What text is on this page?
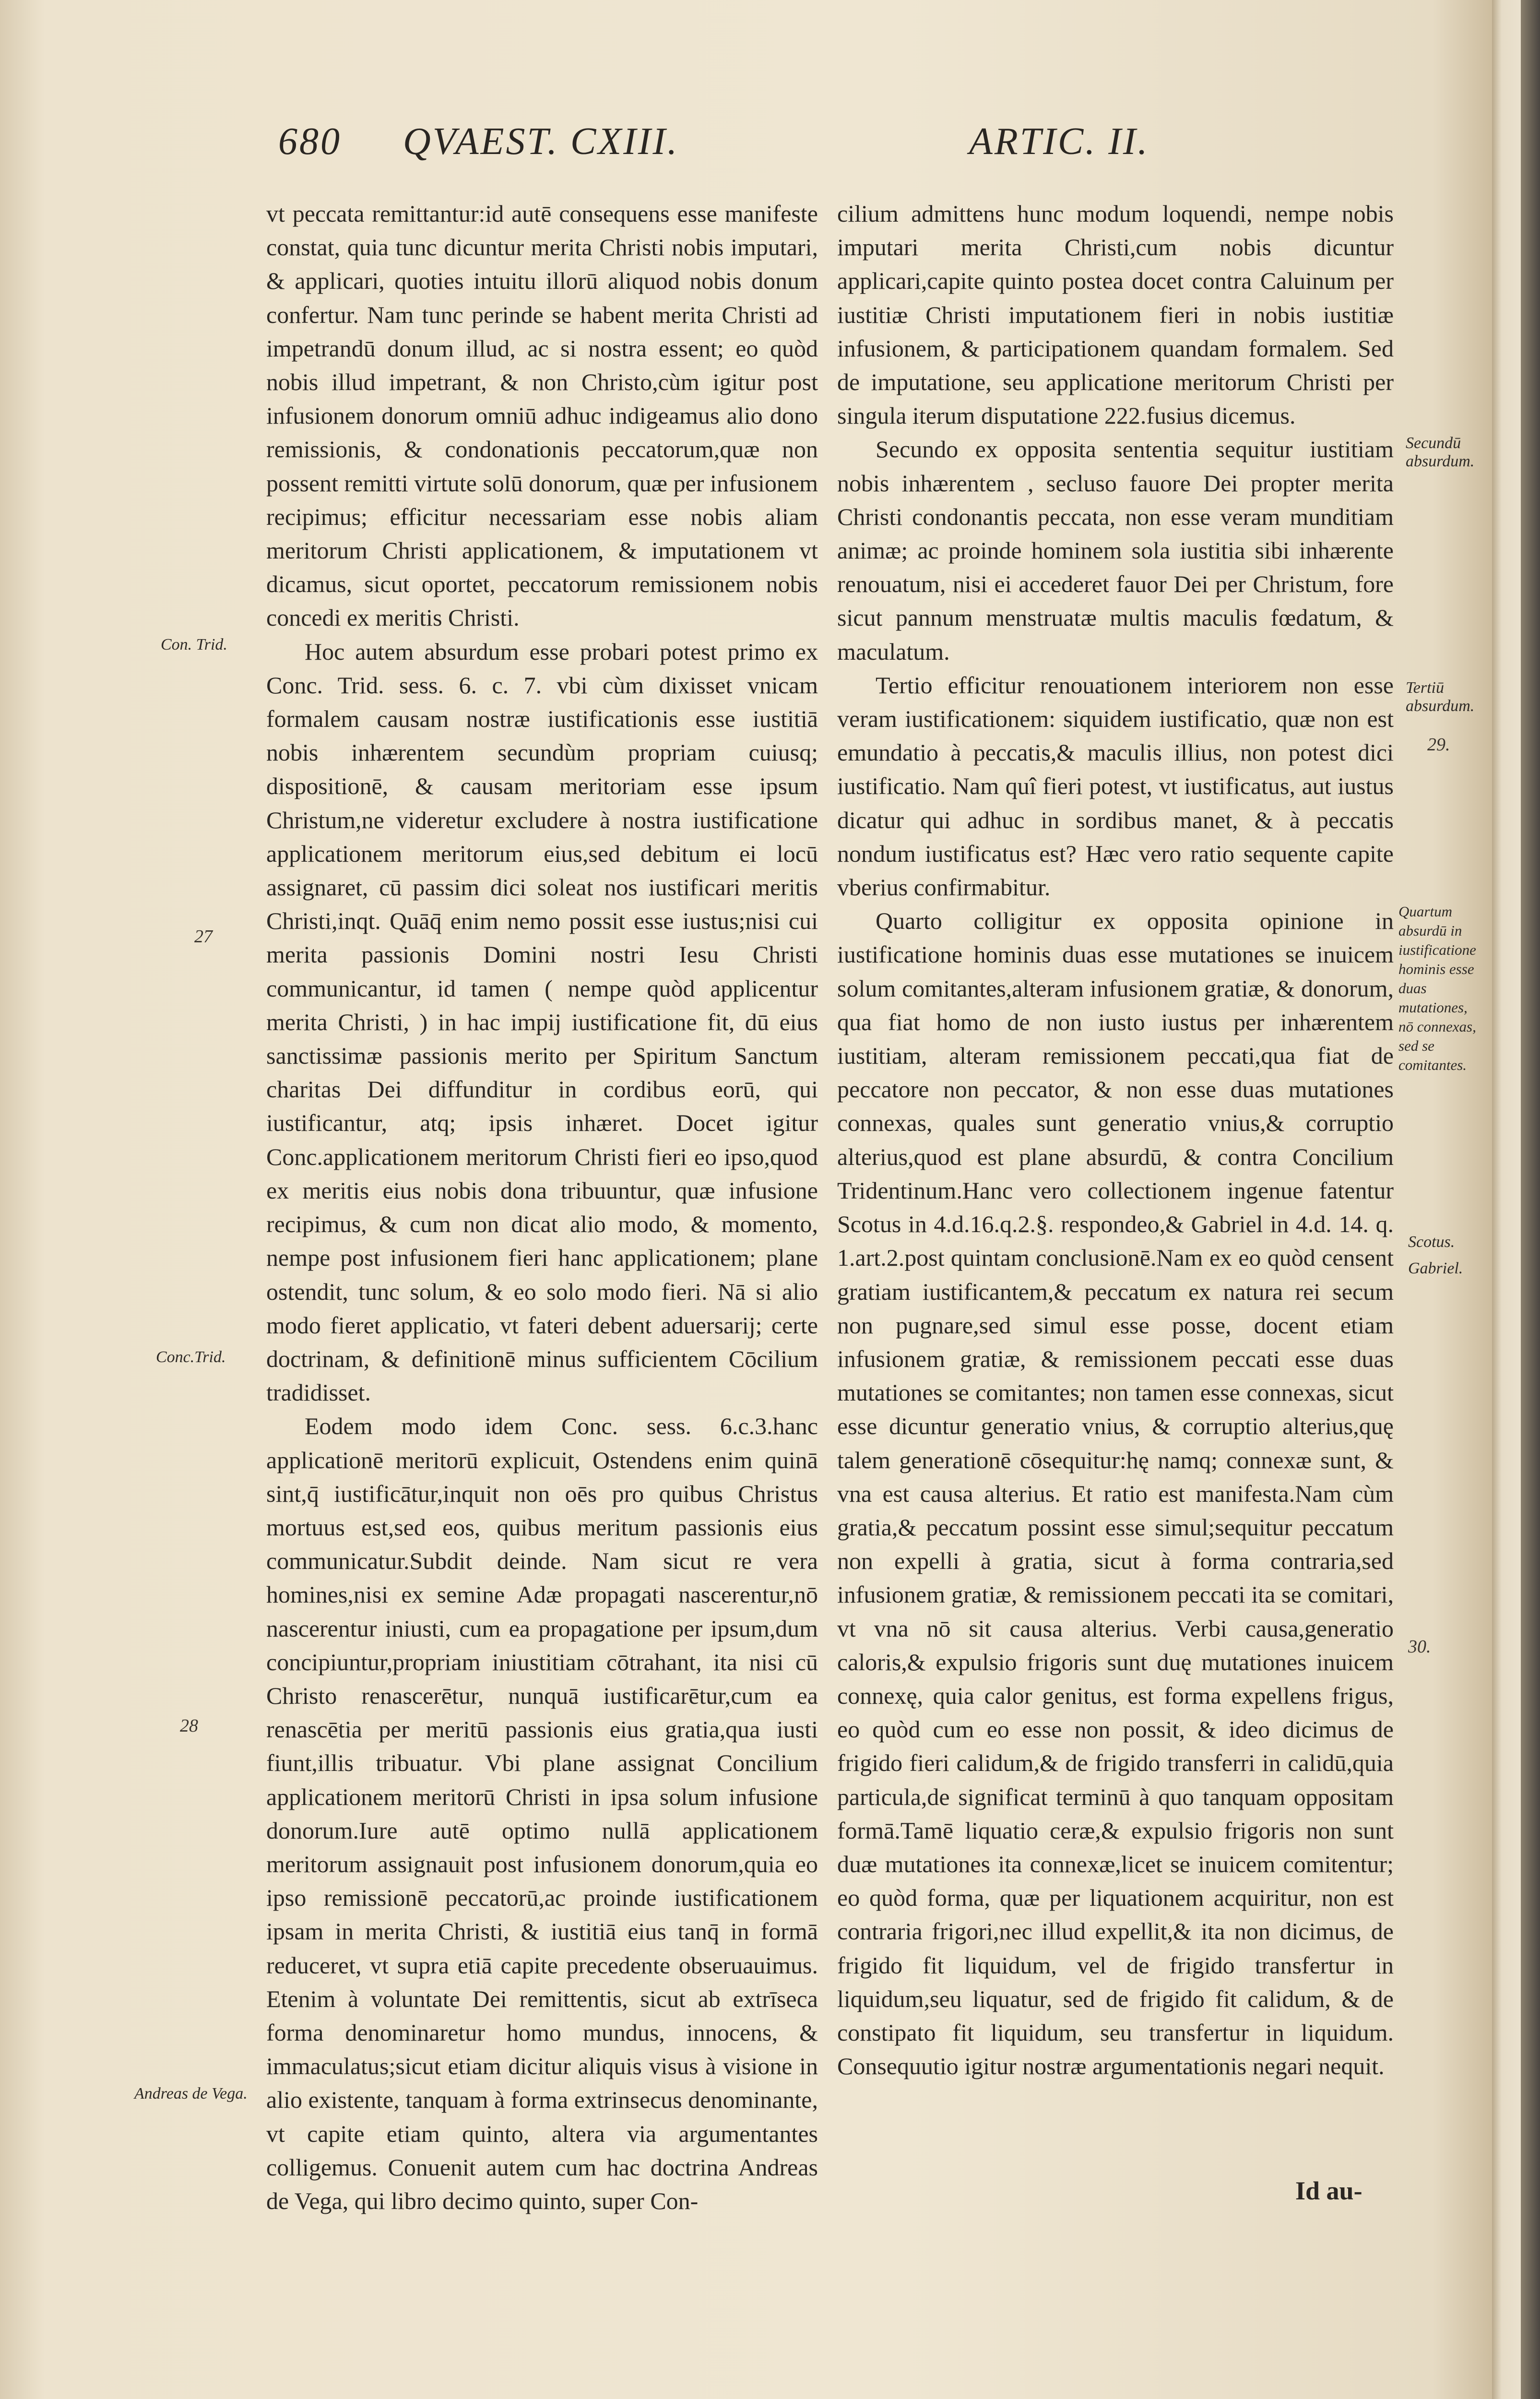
680 QVAEST. CXIII.	ARTIC. II.

vt peccata remittantur:id autē consequens esse manifeste constat, quia tunc dicuntur merita Christi nobis imputari, & applicari, quoties intuitu illorū aliquod nobis donum confertur. Nam tunc perinde se habent merita Christi ad impetrandū donum illud, ac si nostra essent; eo quòd nobis illud impetrant, & non Christo,cùm igitur post infusionem donorum omniū adhuc indigeamus alio dono remissionis, & condonationis peccatorum,quæ non possent remitti virtute solū donorum, quæ per infusionem recipimus; efficitur necessariam esse nobis aliam meritorum Christi applicationem, & imputationem vt dicamus, sicut oportet, peccatorum remissionem nobis concedi ex meritis Christi.

Hoc autem absurdum esse probari potest primo ex Conc. Trid. sess. 6. c. 7. vbi cùm dixisset vnicam formalem causam nostræ iustificationis esse iustitiā nobis inhærentem secundùm propriam cuiusq; dispositionē, & causam meritoriam esse ipsum Christum,ne videretur excludere à nostra iustificatione applicationem meritorum eius,sed debitum ei locū assignaret, cū passim dici soleat nos iustificari meritis Christi,inqt. Quāq̄ enim nemo possit esse iustus;nisi cui merita passionis Domini nostri Iesu Christi communicantur, id tamen ( nempe quòd applicentur merita Christi, ) in hac impij iustificatione fit, dū eius sanctissimæ passionis merito per Spiritum Sanctum charitas Dei diffunditur in cordibus eorū, qui iustificantur, atq; ipsis inhæret. Docet igitur Conc.applicationem meritorum Christi fieri eo ipso,quod ex meritis eius nobis dona tribuuntur, quæ infusione recipimus, & cum non dicat alio modo, & momento, nempe post infusionem fieri hanc applicationem; plane ostendit, tunc solum, & eo solo modo fieri. Nā si alio modo fieret applicatio, vt fateri debent aduersarij; certe doctrinam, & definitionē minus sufficientem Cōcilium tradidisset.

Eodem modo idem Conc. sess. 6.c.3.hanc applicationē meritorū explicuit, Ostendens enim quinā sint,q̄ iustificātur,inquit non oēs pro quibus Christus mortuus est,sed eos, quibus meritum passionis eius communicatur.Subdit deinde. Nam sicut re vera homines,nisi ex semine Adæ propagati nascerentur,nō nascerentur iniusti, cum ea propagatione per ipsum,dum concipiuntur,propriam iniustitiam cōtrahant, ita nisi cū Christo renascerētur, nunquā iustificarētur,cum ea renascētia per meritū passionis eius gratia,qua iusti fiunt,illis tribuatur. Vbi plane assignat Concilium applicationem meritorū Christi in ipsa solum infusione donorum.Iure autē optimo nullā applicationem meritorum assignauit post infusionem donorum,quia eo ipso remissionē peccatorū,ac proinde iustificationem ipsam in merita Christi, & iustitiā eius tanq̄ in formā reduceret, vt supra etiā capite precedente obseruauimus. Etenim à voluntate Dei remittentis, sicut ab extrīseca forma denominaretur homo mundus, innocens, & immaculatus;sicut etiam dicitur aliquis visus à visione in alio existente, tanquam à forma extrinsecus denominante, vt capite etiam quinto, altera via argumentantes colligemus. Conuenit autem cum hac doctrina Andreas de Vega, qui libro decimo quinto, super Con-

cilium admittens hunc modum loquendi, nempe nobis imputari merita Christi,cum nobis dicuntur applicari,capite quinto postea docet contra Caluinum per iustitiæ Christi imputationem fieri in nobis iustitiæ infusionem, & participationem quandam formalem. Sed de imputatione, seu applicatione meritorum Christi per singula iterum disputatione 222.fusius dicemus.

Secundo ex opposita sententia sequitur iustitiam nobis inhærentem , secluso fauore Dei propter merita Christi condonantis peccata, non esse veram munditiam animæ; ac proinde hominem sola iustitia sibi inhærente renouatum, nisi ei accederet fauor Dei per Christum, fore sicut pannum menstruatæ multis maculis fœdatum, & maculatum.

Tertio efficitur renouationem interiorem non esse veram iustificationem: siquidem iustificatio, quæ non est emundatio à peccatis,& maculis illius, non potest dici iustificatio. Nam quî fieri potest, vt iustificatus, aut iustus dicatur qui adhuc in sordibus manet, & à peccatis nondum iustificatus est? Hæc vero ratio sequente capite vberius confirmabitur.

Quarto colligitur ex opposita opinione in iustificatione hominis duas esse mutationes se inuicem solum comitantes,alteram infusionem gratiæ, & donorum, qua fiat homo de non iusto iustus per inhærentem iustitiam, alteram remissionem peccati,qua fiat de peccatore non peccator, & non esse duas mutationes connexas, quales sunt generatio vnius,& corruptio alterius,quod est plane absurdū, & contra Concilium Tridentinum.Hanc vero collectionem ingenue fatentur Scotus in 4.d.16.q.2.§. respondeo,& Gabriel in 4.d. 14. q. 1.art.2.post quintam conclusionē.Nam ex eo quòd censent gratiam iustificantem,& peccatum ex natura rei secum non pugnare,sed simul esse posse, docent etiam infusionem gratiæ, & remissionem peccati esse duas mutationes se comitantes; non tamen esse connexas, sicut esse dicuntur generatio vnius, & corruptio alterius,quę talem generationē cōsequitur:hę namq; connexæ sunt, & vna est causa alterius. Et ratio est manifesta.Nam cùm gratia,& peccatum possint esse simul;sequitur peccatum non expelli à gratia, sicut à forma contraria,sed infusionem gratiæ, & remissionem peccati ita se comitari, vt vna nō sit causa alterius. Verbi causa,generatio caloris,& expulsio frigoris sunt duę mutationes inuicem connexę, quia calor genitus, est forma expellens frigus, eo quòd cum eo esse non possit, & ideo dicimus de frigido fieri calidum,& de frigido transferri in calidū,quia particula,de significat terminū à quo tanquam oppositam formā.Tamē liquatio ceræ,& expulsio frigoris non sunt duæ mutationes ita connexæ,licet se inuicem comitentur; eo quòd forma, quæ per liquationem acquiritur, non est contraria frigori,nec illud expellit,& ita non dicimus, de frigido fit liquidum, vel de frigido transfertur in liquidum,seu liquatur, sed de frigido fit calidum, & de constipato fit liquidum, seu transfertur in liquidum. Consequutio igitur nostræ argumentationis negari nequit.

Con. Trid.
27
Conc.Trid.
28
Andreas de Vega.
Secundū absurdum.
Tertiū absurdum.
29.
Quartum absurdū in iustificatione hominis esse duas mutationes, nō connexas, sed se comitantes.
Scotus.
Gabriel.
30.
Id au-
